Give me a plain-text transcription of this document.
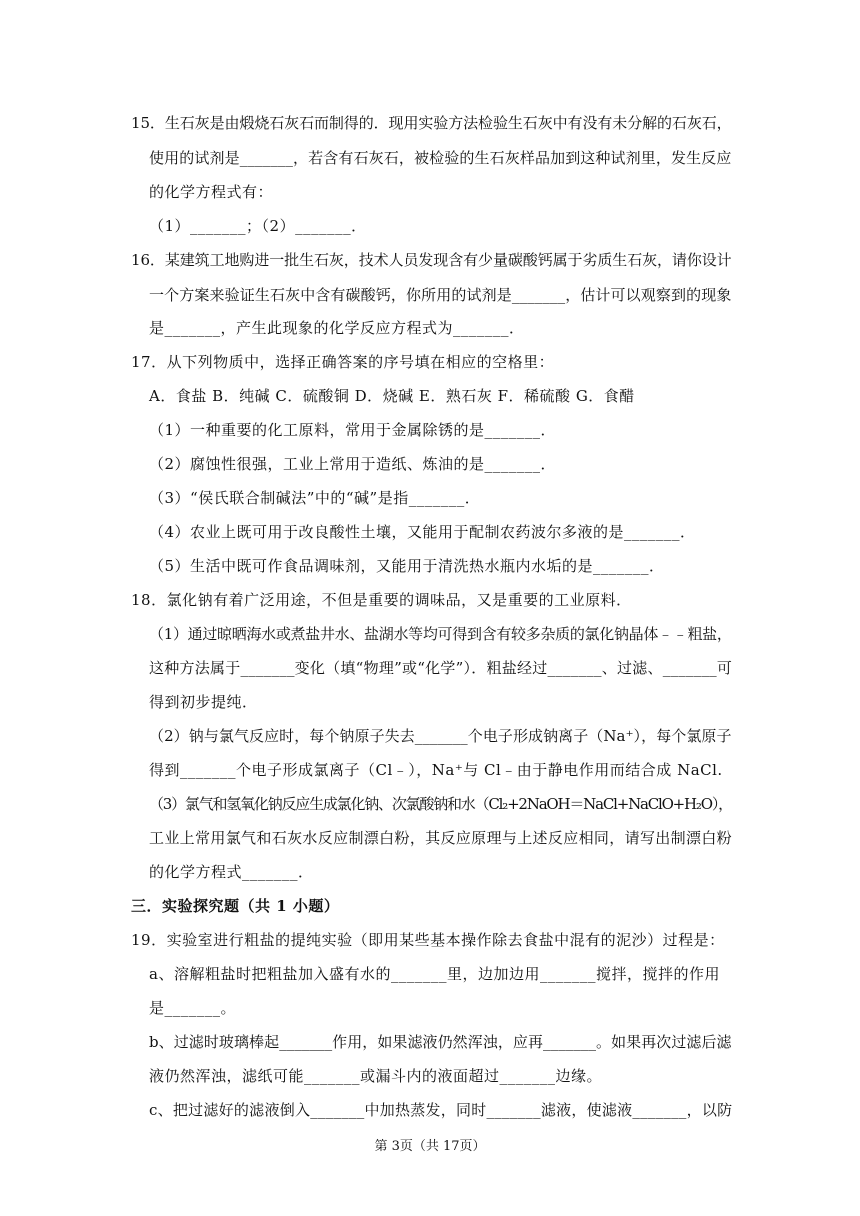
15．生石灰是由煅烧石灰石而制得的．现用实验方法检验生石灰中有没有未分解的石灰石，
使用的试剂是_______，若含有石灰石，被检验的生石灰样品加到这种试剂里，发生反应
的化学方程式有：
（1）_______；（2）_______．
16．某建筑工地购进一批生石灰，技术人员发现含有少量碳酸钙属于劣质生石灰，请你设计
一个方案来验证生石灰中含有碳酸钙，你所用的试剂是_______，估计可以观察到的现象
是_______，产生此现象的化学反应方程式为_______．
17．从下列物质中，选择正确答案的序号填在相应的空格里：
A．食盐 B．纯碱 C．硫酸铜 D．烧碱 E．熟石灰 F．稀硫酸 G．食醋
（1）一种重要的化工原料，常用于金属除锈的是_______．
（2）腐蚀性很强，工业上常用于造纸、炼油的是_______．
（3）“侯氏联合制碱法”中的“碱”是指_______．
（4）农业上既可用于改良酸性土壤，又能用于配制农药波尔多液的是_______．
（5）生活中既可作食品调味剂，又能用于清洗热水瓶内水垢的是_______．
18．氯化钠有着广泛用途，不但是重要的调味品，又是重要的工业原料．
（1）通过晾晒海水或煮盐井水、盐湖水等均可得到含有较多杂质的氯化钠晶体﹣﹣粗盐，
这种方法属于_______变化（填“物理”或“化学”）．粗盐经过_______、过滤、_______可
得到初步提纯．
（2）钠与氯气反应时，每个钠原子失去_______个电子形成钠离子（Na⁺），每个氯原子
得到_______个电子形成氯离子（Cl﹣），Na⁺与 Cl﹣由于静电作用而结合成 NaCl.
（3）氯气和氢氧化钠反应生成氯化钠、次氯酸钠和水（Cl₂+2NaOH＝NaCl+NaClO+H₂O），
工业上常用氯气和石灰水反应制漂白粉，其反应原理与上述反应相同，请写出制漂白粉
的化学方程式_______．
三．实验探究题（共 1 小题）
19．实验室进行粗盐的提纯实验（即用某些基本操作除去食盐中混有的泥沙）过程是：
a、溶解粗盐时把粗盐加入盛有水的_______里，边加边用_______搅拌，搅拌的作用
是_______。
b、过滤时玻璃棒起_______作用，如果滤液仍然浑浊，应再_______。如果再次过滤后滤
液仍然浑浊，滤纸可能_______或漏斗内的液面超过_______边缘。
c、把过滤好的滤液倒入_______中加热蒸发，同时_______滤液，使滤液_______，以防
第 3页（共 17页）
